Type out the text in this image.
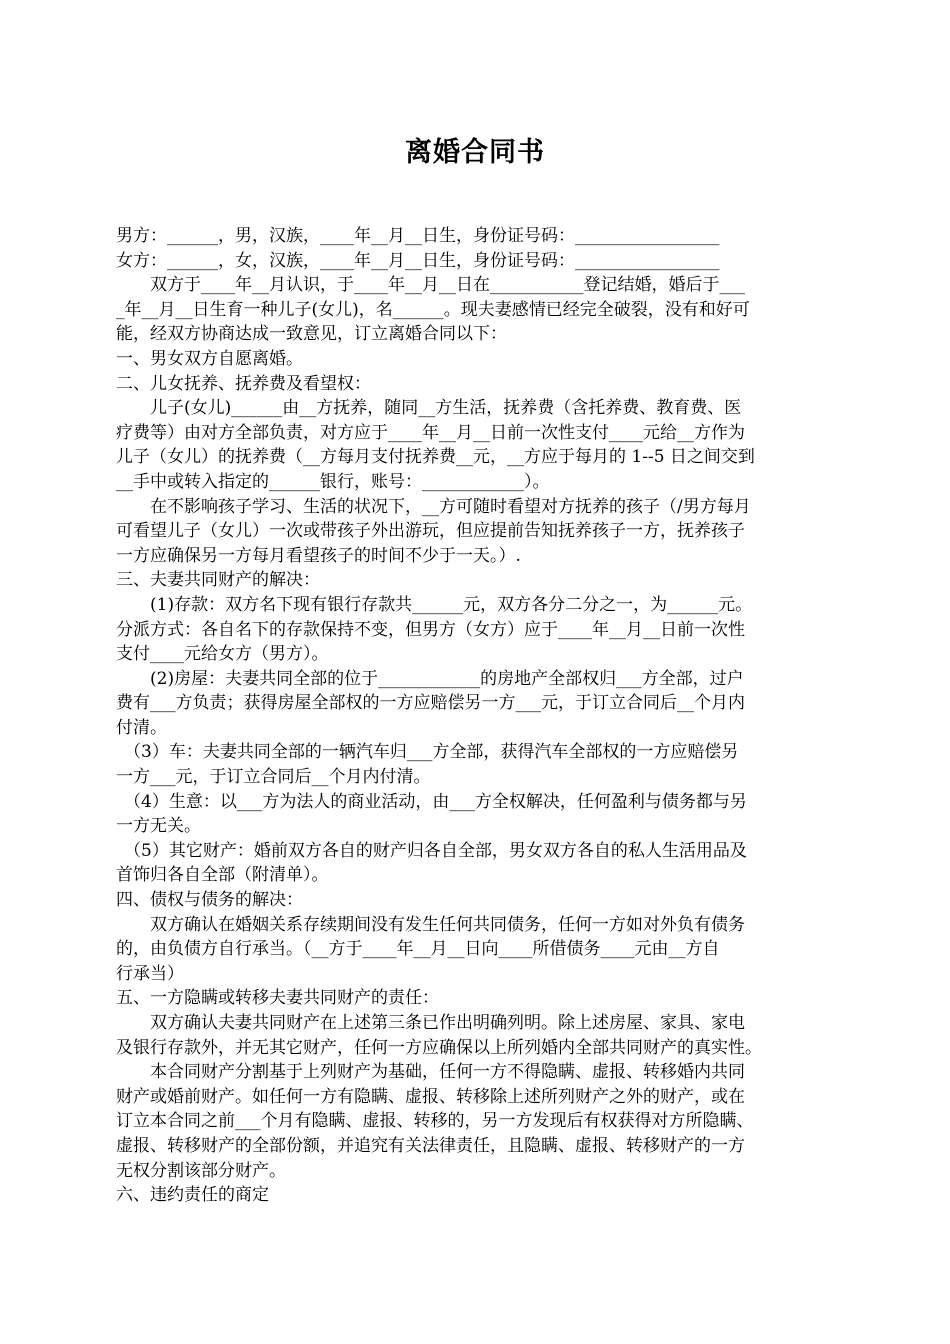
离婚合同书
男方：______，男，汉族，____年__月__日生，身份证号码：_________________
女方：______，女，汉族，____年__月__日生，身份证号码：_________________
双方于____年__月认识，于____年__月__日在___________登记结婚，婚后于___
_年__月__日生育一种儿子(女儿)，名______。现夫妻感情已经完全破裂，没有和好可
能，经双方协商达成一致意见，订立离婚合同以下：
一、男女双方自愿离婚。
二、儿女抚养、抚养费及看望权：
儿子(女儿)______由__方抚养，随同__方生活，抚养费（含托养费、教育费、医
疗费等）由对方全部负责，对方应于____年__月__日前一次性支付____元给__方作为
儿子（女儿）的抚养费（__方每月支付抚养费__元，__方应于每月的 1--5 日之间交到
__手中或转入指定的______银行，账号：____________）。
在不影响孩子学习、生活的状况下，__方可随时看望对方抚养的孩子（/男方每月
可看望儿子（女儿）一次或带孩子外出游玩，但应提前告知抚养孩子一方，抚养孩子
一方应确保另一方每月看望孩子的时间不少于一天。）.
三、夫妻共同财产的解决：
(1)存款：双方名下现有银行存款共______元，双方各分二分之一，为______元。
分派方式：各自名下的存款保持不变，但男方（女方）应于____年__月__日前一次性
支付____元给女方（男方）。
(2)房屋：夫妻共同全部的位于____________的房地产全部权归___方全部，过户
费有___方负责；获得房屋全部权的一方应赔偿另一方___元，于订立合同后__个月内
付清。
（3）车：夫妻共同全部的一辆汽车归___方全部，获得汽车全部权的一方应赔偿另
一方___元，于订立合同后__个月内付清。
（4）生意：以___方为法人的商业活动，由___方全权解决，任何盈利与债务都与另
一方无关。
（5）其它财产：婚前双方各自的财产归各自全部，男女双方各自的私人生活用品及
首饰归各自全部（附清单）。
四、债权与债务的解决：
双方确认在婚姻关系存续期间没有发生任何共同债务，任何一方如对外负有债务
的，由负债方自行承当。（__方于____年__月__日向____所借债务____元由__方自
行承当）
五、一方隐瞒或转移夫妻共同财产的责任：
双方确认夫妻共同财产在上述第三条已作出明确列明。除上述房屋、家具、家电
及银行存款外，并无其它财产，任何一方应确保以上所列婚内全部共同财产的真实性。
本合同财产分割基于上列财产为基础，任何一方不得隐瞒、虚报、转移婚内共同
财产或婚前财产。如任何一方有隐瞒、虚报、转移除上述所列财产之外的财产，或在
订立本合同之前___个月有隐瞒、虚报、转移的，另一方发现后有权获得对方所隐瞒、
虚报、转移财产的全部份额，并追究有关法律责任，且隐瞒、虚报、转移财产的一方
无权分割该部分财产。
六、违约责任的商定
